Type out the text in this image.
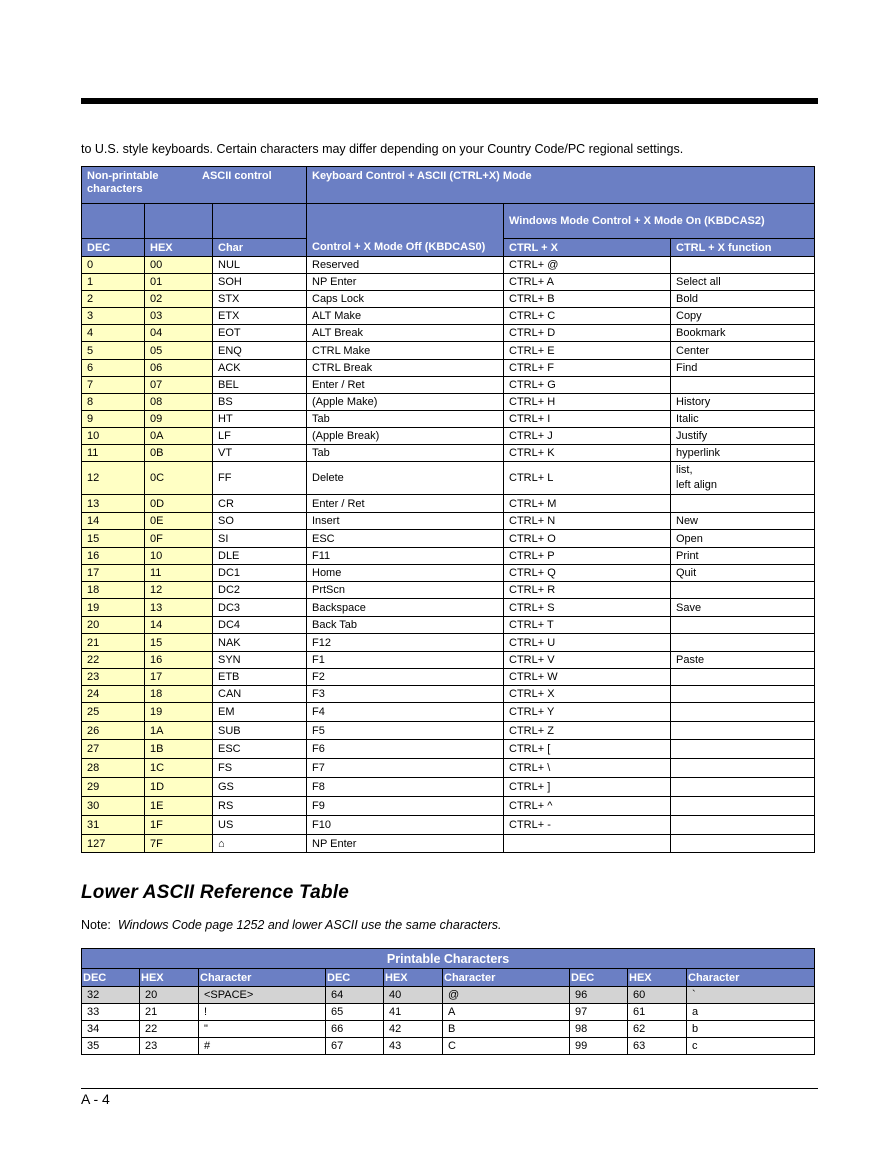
to U.S. style keyboards. Certain characters may differ depending on your Country Code/PC regional settings.
Non-printable ASCII control
characters			Keyboard Control + ASCII (CTRL+X) Mode		
			Control + X Mode Off (KBDCAS0)	Windows Mode Control + X Mode On (KBDCAS2)	
DEC	HEX	Char		CTRL + X	CTRL + X function
0	00	NUL	Reserved	CTRL+ @	
1	01	SOH	NP Enter	CTRL+ A	Select all
2	02	STX	Caps Lock	CTRL+ B	Bold
3	03	ETX	ALT Make	CTRL+ C	Copy
4	04	EOT	ALT Break	CTRL+ D	Bookmark
5	05	ENQ	CTRL Make	CTRL+ E	Center
6	06	ACK	CTRL Break	CTRL+ F	Find
7	07	BEL	Enter / Ret	CTRL+ G	
8	08	BS	(Apple Make)	CTRL+ H	History
9	09	HT	Tab	CTRL+ I	Italic
10	0A	LF	(Apple Break)	CTRL+ J	Justify
11	0B	VT	Tab	CTRL+ K	hyperlink
12	0C	FF	Delete	CTRL+ L	list,
left align
13	0D	CR	Enter / Ret	CTRL+ M	
14	0E	SO	Insert	CTRL+ N	New
15	0F	SI	ESC	CTRL+ O	Open
16	10	DLE	F11	CTRL+ P	Print
17	11	DC1	Home	CTRL+ Q	Quit
18	12	DC2	PrtScn	CTRL+ R	
19	13	DC3	Backspace	CTRL+ S	Save
20	14	DC4	Back Tab	CTRL+ T	
21	15	NAK	F12	CTRL+ U	
22	16	SYN	F1	CTRL+ V	Paste
23	17	ETB	F2	CTRL+ W	
24	18	CAN	F3	CTRL+ X	
25	19	EM	F4	CTRL+ Y	
26	1A	SUB	F5	CTRL+ Z	
27	1B	ESC	F6	CTRL+ [	
28	1C	FS	F7	CTRL+ \	
29	1D	GS	F8	CTRL+ ]	
30	1E	RS	F9	CTRL+ ^	
31	1F	US	F10	CTRL+ -	
127	7F	⌂	NP Enter		
Lower ASCII Reference Table
Note: Windows Code page 1252 and lower ASCII use the same characters.
Printable Characters								
DEC	HEX	Character	DEC	HEX	Character	DEC	HEX	Character
32	20	<SPACE>	64	40	@	96	60	`
33	21	!	65	41	A	97	61	a
34	22	"	66	42	B	98	62	b
35	23	#	67	43	C	99	63	c
A - 4
